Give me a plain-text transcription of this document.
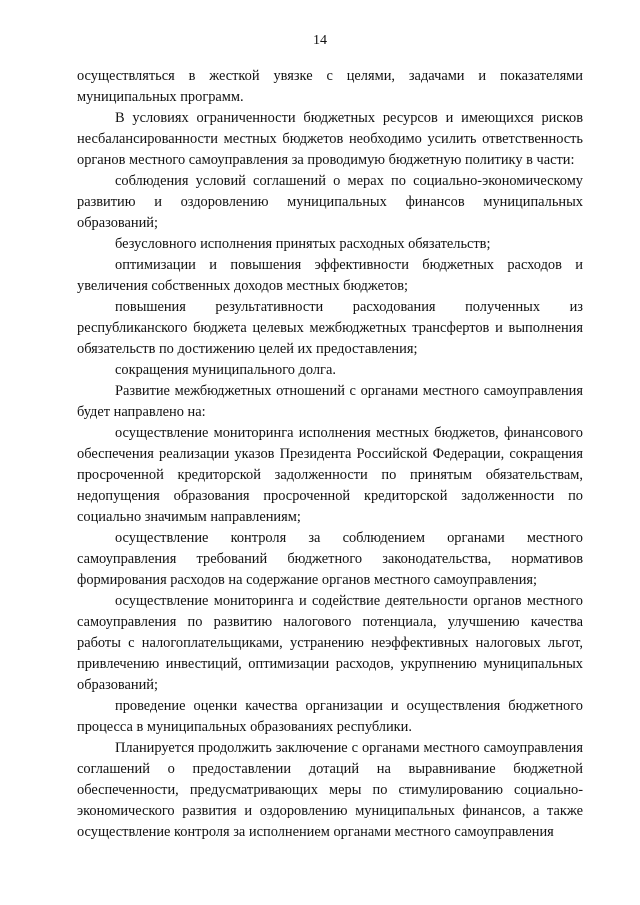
14

осуществляться в жесткой увязке с целями, задачами и показателями муниципальных программ.

В условиях ограниченности бюджетных ресурсов и имеющихся рисков несбалансированности местных бюджетов необходимо усилить ответственность органов местного самоуправления за проводимую бюджетную политику в части:

соблюдения условий соглашений о мерах по социально-экономическому развитию и оздоровлению муниципальных финансов муниципальных образований;

безусловного исполнения принятых расходных обязательств;

оптимизации и повышения эффективности бюджетных расходов и увеличения собственных доходов местных бюджетов;

повышения результативности расходования полученных из республиканского бюджета целевых межбюджетных трансфертов и выполнения обязательств по достижению целей их предоставления;

сокращения муниципального долга.

Развитие межбюджетных отношений с органами местного самоуправления будет направлено на:

осуществление мониторинга исполнения местных бюджетов, финансового обеспечения реализации указов Президента Российской Федерации, сокращения просроченной кредиторской задолженности по принятым обязательствам, недопущения образования просроченной кредиторской задолженности по социально значимым направлениям;

осуществление контроля за соблюдением органами местного самоуправления требований бюджетного законодательства, нормативов формирования расходов на содержание органов местного самоуправления;

осуществление мониторинга и содействие деятельности органов местного самоуправления по развитию налогового потенциала, улучшению качества работы с налогоплательщиками, устранению неэффективных налоговых льгот, привлечению инвестиций, оптимизации расходов, укрупнению муниципальных образований;

проведение оценки качества организации и осуществления бюджетного процесса в муниципальных образованиях республики.

Планируется продолжить заключение с органами местного самоуправления соглашений о предоставлении дотаций на выравнивание бюджетной обеспеченности, предусматривающих меры по стимулированию социально-экономического развития и оздоровлению муниципальных финансов, а также осуществление контроля за исполнением органами местного самоуправления
